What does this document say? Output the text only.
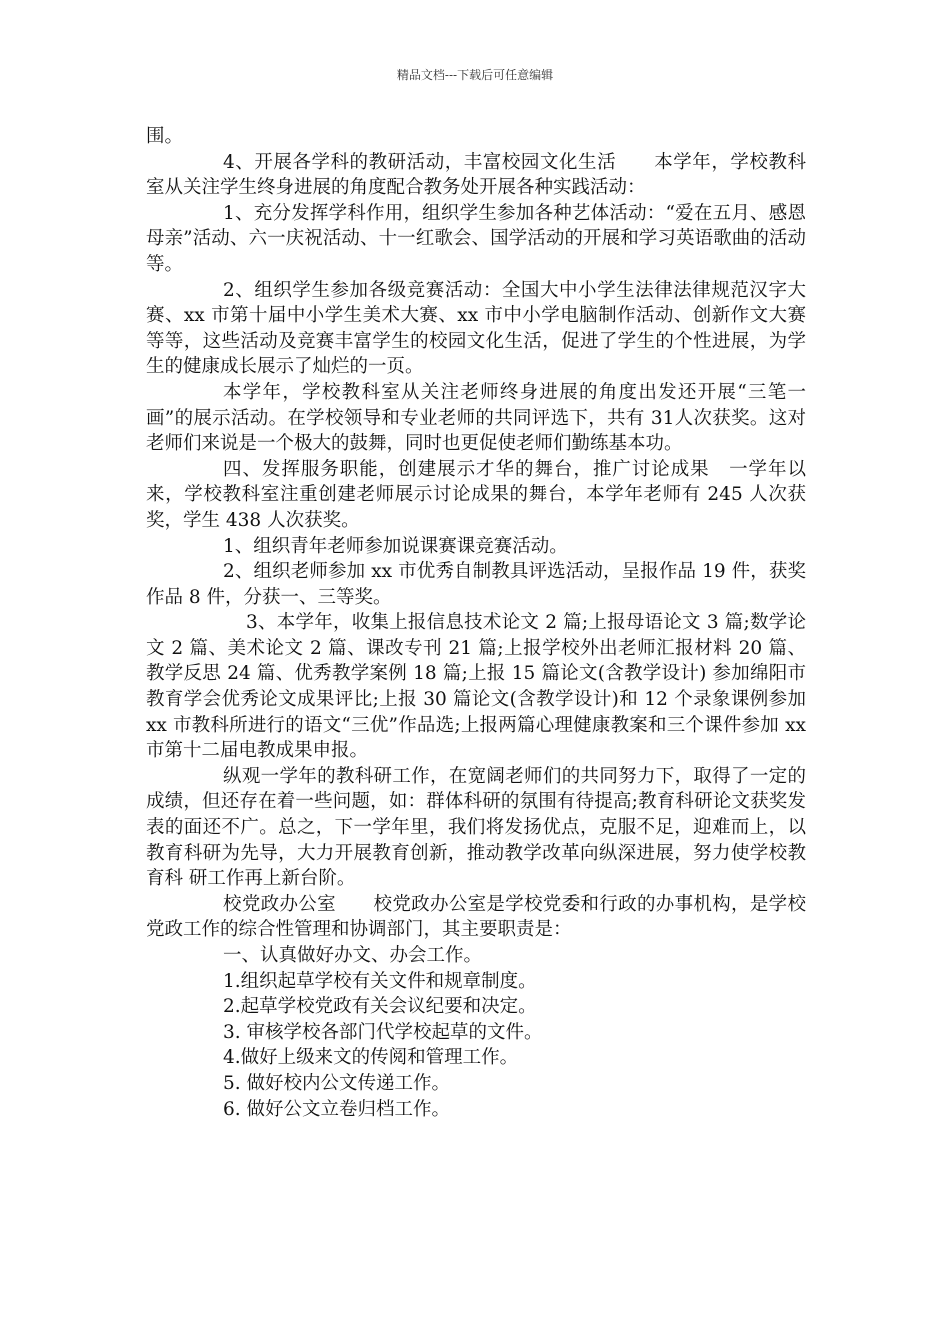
精品文档---下载后可任意编辑

围。

4、开展各学科的教研活动，丰富校园文化生活　　本学年，学校教科室从关注学生终身进展的角度配合教务处开展各种实践活动：

1、充分发挥学科作用，组织学生参加各种艺体活动：“爱在五月、感恩母亲”活动、六一庆祝活动、十一红歌会、国学活动的开展和学习英语歌曲的活动等。

2、组织学生参加各级竞赛活动：全国大中小学生法律法律规范汉字大赛、xx 市第十届中小学生美术大赛、xx 市中小学电脑制作活动、创新作文大赛等等，这些活动及竞赛丰富学生的校园文化生活，促进了学生的个性进展，为学生的健康成长展示了灿烂的一页。

本学年，学校教科室从关注老师终身进展的角度出发还开展“三笔一画”的展示活动。在学校领导和专业老师的共同评选下，共有 31人次获奖。这对老师们来说是一个极大的鼓舞，同时也更促使老师们勤练基本功。

四、发挥服务职能，创建展示才华的舞台，推广讨论成果　一学年以来，学校教科室注重创建老师展示讨论成果的舞台，本学年老师有 245 人次获奖，学生 438 人次获奖。

1、组织青年老师参加说课赛课竞赛活动。

2、组织老师参加 xx 市优秀自制教具评选活动，呈报作品 19 件，获奖作品 8 件，分获一、三等奖。

3、本学年，收集上报信息技术论文 2 篇;上报母语论文 3 篇;数学论文 2 篇、美术论文 2 篇、课改专刊 21 篇;上报学校外出老师汇报材料 20 篇、教学反思 24 篇、优秀教学案例 18 篇;上报 15 篇论文(含教学设计) 参加绵阳市教育学会优秀论文成果评比;上报 30 篇论文(含教学设计)和 12 个录象课例参加 xx 市教科所进行的语文“三优”作品选;上报两篇心理健康教案和三个课件参加 xx 市第十二届电教成果申报。

纵观一学年的教科研工作，在宽阔老师们的共同努力下，取得了一定的成绩，但还存在着一些问题，如：群体科研的氛围有待提高;教育科研论文获奖发 表的面还不广。总之，下一学年里，我们将发扬优点，克服不足，迎难而上，以教育科研为先导，大力开展教育创新，推动教学改革向纵深进展，努力使学校教育科 研工作再上新台阶。

校党政办公室　　校党政办公室是学校党委和行政的办事机构，是学校党政工作的综合性管理和协调部门，其主要职责是：

一、认真做好办文、办会工作。

1.组织起草学校有关文件和规章制度。

2.起草学校党政有关会议纪要和决定。

3. 审核学校各部门代学校起草的文件。

4.做好上级来文的传阅和管理工作。

5. 做好校内公文传递工作。

6. 做好公文立卷归档工作。
